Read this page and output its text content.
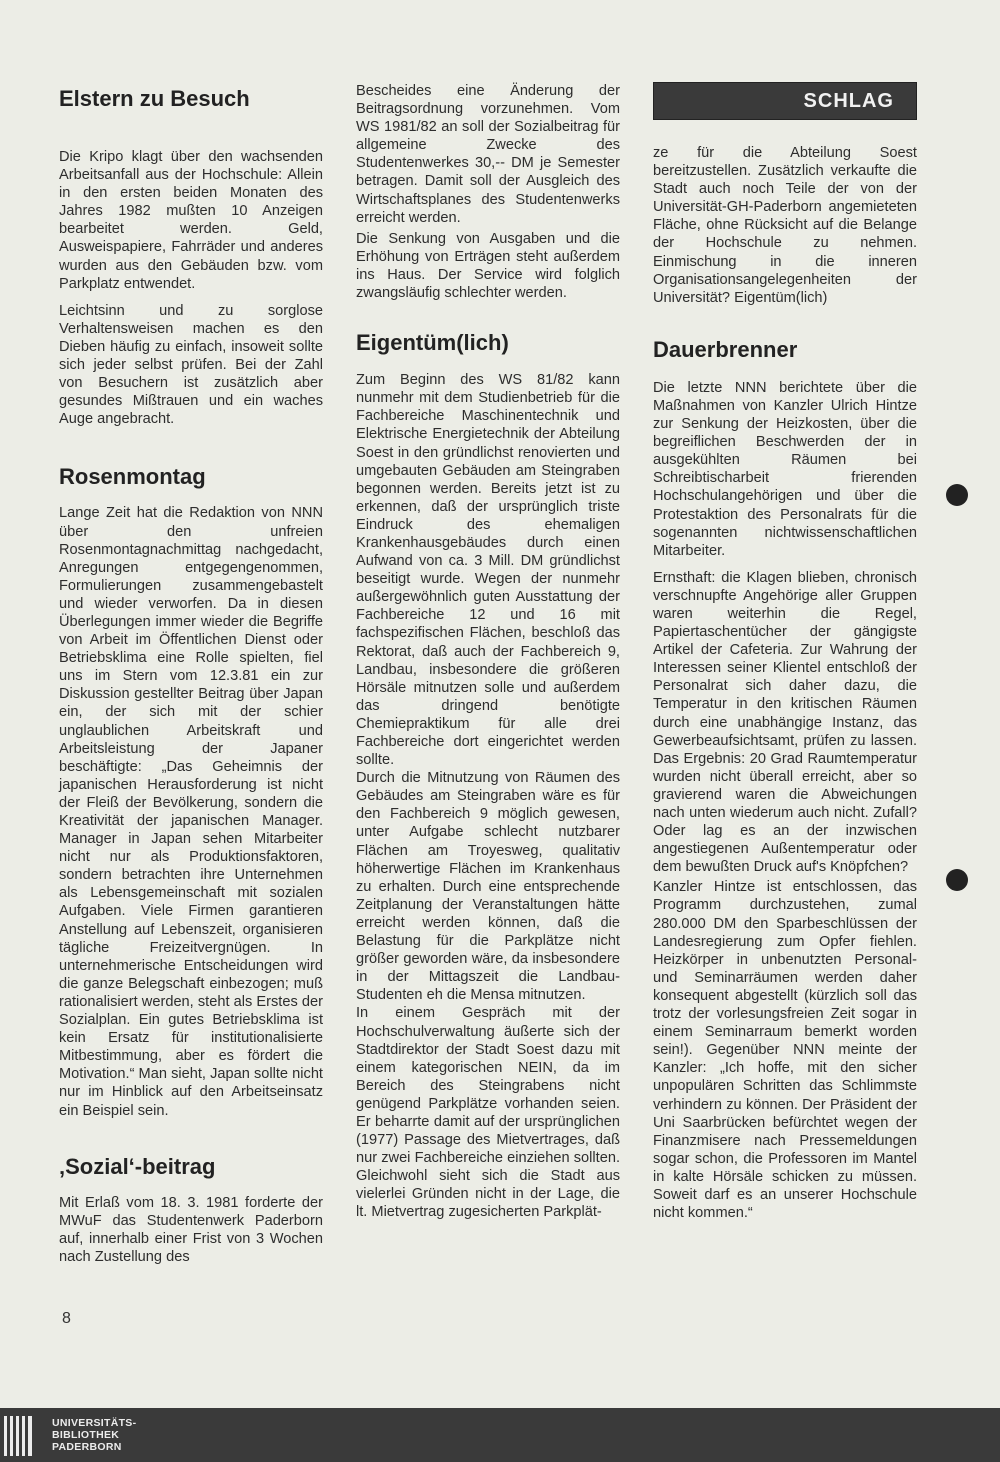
Elstern zu Besuch

Die Kripo klagt über den wachsenden Arbeitsanfall aus der Hochschule: Allein in den ersten beiden Monaten des Jahres 1982 mußten 10 Anzeigen bearbeitet werden. Geld, Ausweispapiere, Fahrräder und anderes wurden aus den Gebäuden bzw. vom Parkplatz entwendet.

Leichtsinn und zu sorglose Verhaltensweisen machen es den Dieben häufig zu einfach, insoweit sollte sich jeder selbst prüfen. Bei der Zahl von Besuchern ist zusätzlich aber gesundes Mißtrauen und ein waches Auge angebracht.

Rosenmontag

Lange Zeit hat die Redaktion von NNN über den unfreien Rosenmontagnachmittag nachgedacht, Anregungen entgegengenommen, Formulierungen zusammengebastelt und wieder verworfen. Da in diesen Überlegungen immer wieder die Begriffe von Arbeit im Öffentlichen Dienst oder Betriebsklima eine Rolle spielten, fiel uns im Stern vom 12.3.81 ein zur Diskussion gestellter Beitrag über Japan ein, der sich mit der schier unglaublichen Arbeitskraft und Arbeitsleistung der Japaner beschäftigte: „Das Geheimnis der japanischen Herausforderung ist nicht der Fleiß der Bevölkerung, sondern die Kreativität der japanischen Manager. Manager in Japan sehen Mitarbeiter nicht nur als Produktionsfaktoren, sondern betrachten ihre Unternehmen als Lebensgemeinschaft mit sozialen Aufgaben. Viele Firmen garantieren Anstellung auf Lebenszeit, organisieren tägliche Freizeitvergnügen. In unternehmerische Entscheidungen wird die ganze Belegschaft einbezogen; muß rationalisiert werden, steht als Erstes der Sozialplan. Ein gutes Betriebsklima ist kein Ersatz für institutionalisierte Mitbestimmung, aber es fördert die Motivation.“ Man sieht, Japan sollte nicht nur im Hinblick auf den Arbeitseinsatz ein Beispiel sein.

‚Sozial‘-beitrag

Mit Erlaß vom 18. 3. 1981 forderte der MWuF das Studentenwerk Paderborn auf, innerhalb einer Frist von 3 Wochen nach Zustellung des

Bescheides eine Änderung der Beitragsordnung vorzunehmen. Vom WS 1981/82 an soll der Sozialbeitrag für allgemeine Zwecke des Studentenwerkes 30,-- DM je Semester betragen. Damit soll der Ausgleich des Wirtschaftsplanes des Studentenwerks erreicht werden.

Die Senkung von Ausgaben und die Erhöhung von Erträgen steht außerdem ins Haus. Der Service wird folglich zwangsläufig schlechter werden.

Eigentüm(lich)

Zum Beginn des WS 81/82 kann nunmehr mit dem Studienbetrieb für die Fachbereiche Maschinentechnik und Elektrische Energietechnik der Abteilung Soest in den gründlichst renovierten und umgebauten Gebäuden am Steingraben begonnen werden. Bereits jetzt ist zu erkennen, daß der ursprünglich triste Eindruck des ehemaligen Krankenhausgebäudes durch einen Aufwand von ca. 3 Mill. DM gründlichst beseitigt wurde. Wegen der nunmehr außergewöhnlich guten Ausstattung der Fachbereiche 12 und 16 mit fachspezifischen Flächen, beschloß das Rektorat, daß auch der Fachbereich 9, Landbau, insbesondere die größeren Hörsäle mitnutzen solle und außerdem das dringend benötigte Chemiepraktikum für alle drei Fachbereiche dort eingerichtet werden sollte.

Durch die Mitnutzung von Räumen des Gebäudes am Steingraben wäre es für den Fachbereich 9 möglich gewesen, unter Aufgabe schlecht nutzbarer Flächen am Troyesweg, qualitativ höherwertige Flächen im Krankenhaus zu erhalten. Durch eine entsprechende Zeitplanung der Veranstaltungen hätte erreicht werden können, daß die Belastung für die Parkplätze nicht größer geworden wäre, da insbesondere in der Mittagszeit die Landbau-Studenten eh die Mensa mitnutzen.

In einem Gespräch mit der Hochschulverwaltung äußerte sich der Stadtdirektor der Stadt Soest dazu mit einem kategorischen NEIN, da im Bereich des Steingrabens nicht genügend Parkplätze vorhanden seien. Er beharrte damit auf der ursprünglichen (1977) Passage des Mietvertrages, daß nur zwei Fachbereiche einziehen sollten. Gleichwohl sieht sich die Stadt aus vielerlei Gründen nicht in der Lage, die lt. Mietvertrag zugesicherten Parkplät-

SCHLAG

ze für die Abteilung Soest bereitzustellen. Zusätzlich verkaufte die Stadt auch noch Teile der von der Universität-GH-Paderborn angemieteten Fläche, ohne Rücksicht auf die Belange der Hochschule zu nehmen. Einmischung in die inneren Organisationsangelegenheiten der Universität? Eigentüm(lich)

Dauerbrenner

Die letzte NNN berichtete über die Maßnahmen von Kanzler Ulrich Hintze zur Senkung der Heizkosten, über die begreiflichen Beschwerden der in ausgekühlten Räumen bei Schreibtischarbeit frierenden Hochschulangehörigen und über die Protestaktion des Personalrats für die sogenannten nichtwissenschaftlichen Mitarbeiter.

Ernsthaft: die Klagen blieben, chronisch verschnupfte Angehörige aller Gruppen waren weiterhin die Regel, Papiertaschentücher der gängigste Artikel der Cafeteria. Zur Wahrung der Interessen seiner Klientel entschloß der Personalrat sich daher dazu, die Temperatur in den kritischen Räumen durch eine unabhängige Instanz, das Gewerbeaufsichtsamt, prüfen zu lassen. Das Ergebnis: 20 Grad Raumtemperatur wurden nicht überall erreicht, aber so gravierend waren die Abweichungen nach unten wiederum auch nicht. Zufall? Oder lag es an der inzwischen angestiegenen Außentemperatur oder dem bewußten Druck auf's Knöpfchen?

Kanzler Hintze ist entschlossen, das Programm durchzustehen, zumal 280.000 DM den Sparbeschlüssen der Landesregierung zum Opfer fiehlen. Heizkörper in unbenutzten Personal- und Seminarräumen werden daher konsequent abgestellt (kürzlich soll das trotz der vorlesungsfreien Zeit sogar in einem Seminarraum bemerkt worden sein!). Gegenüber NNN meinte der Kanzler: „Ich hoffe, mit den sicher unpopulären Schritten das Schlimmste verhindern zu können. Der Präsident der Uni Saarbrücken befürchtet wegen der Finanzmisere nach Pressemeldungen sogar schon, die Professoren im Mantel in kalte Hörsäle schicken zu müssen. Soweit darf es an unserer Hochschule nicht kommen.“

8
UNIVERSITÄTS-
BIBLIOTHEK
PADERBORN
